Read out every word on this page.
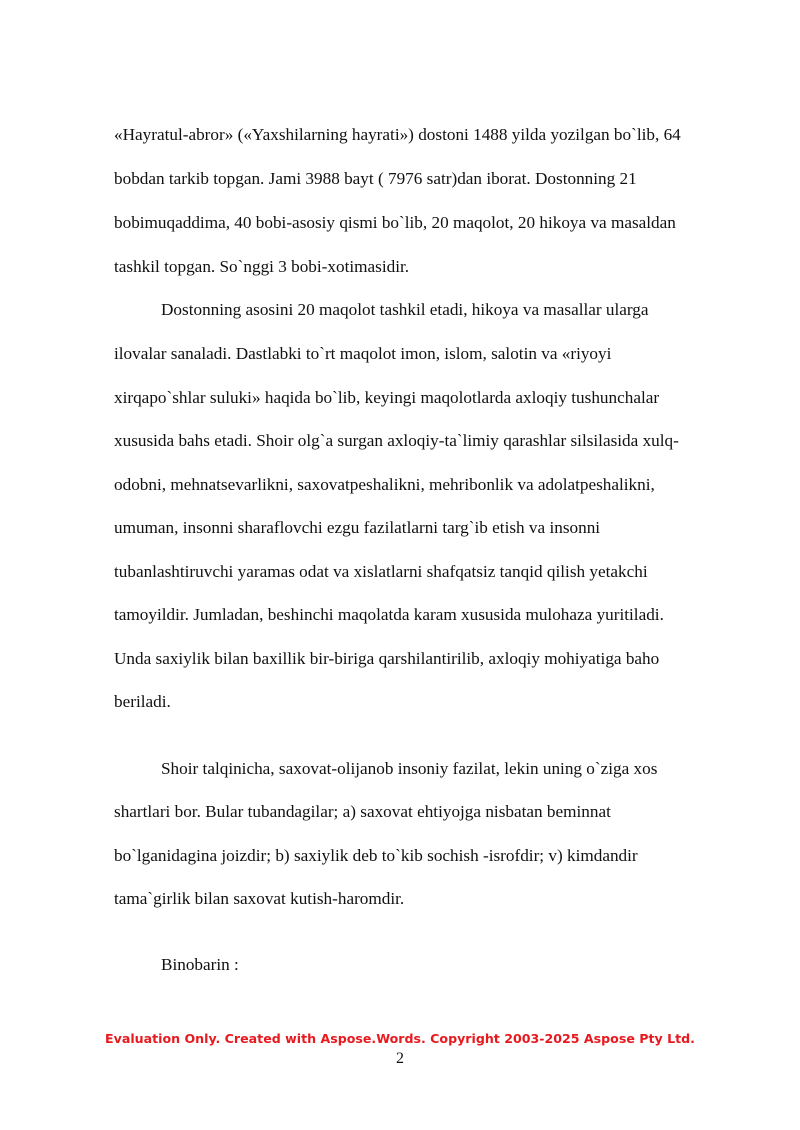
«Hayratul-abror» («Yaxshilarning hayrati») dostoni 1488 yilda yozilgan bo`lib, 64
bobdan tarkib topgan. Jami 3988 bayt ( 7976 satr)dan iborat. Dostonning 21
bobimuqaddima, 40 bobi-asosiy qismi bo`lib, 20 maqolot, 20 hikoya va masaldan
tashkil topgan. So`nggi 3 bobi-xotimasidir.
Dostonning asosini 20 maqolot tashkil etadi, hikoya va masallar ularga
ilovalar sanaladi. Dastlabki to`rt maqolot imon, islom, salotin va «riyoyi
xirqapo`shlar suluki» haqida bo`lib, keyingi maqolotlarda axloqiy tushunchalar
xususida bahs etadi. Shoir olg`a surgan axloqiy-ta`limiy qarashlar silsilasida xulq-
odobni, mehnatsevarlikni, saxovatpeshalikni, mehribonlik va adolatpeshalikni,
umuman, insonni sharaflovchi ezgu fazilatlarni targ`ib etish va insonni
tubanlashtiruvchi yaramas odat va xislatlarni shafqatsiz tanqid qilish yetakchi
tamoyildir. Jumladan, beshinchi maqolatda karam xususida mulohaza yuritiladi.
Unda saxiylik bilan baxillik bir-biriga qarshilantirilib, axloqiy mohiyatiga baho
beriladi.
Shoir talqinicha, saxovat-olijanob insoniy fazilat, lekin uning o`ziga xos
shartlari bor. Bular tubandagilar; a) saxovat ehtiyojga nisbatan beminnat
bo`lganidagina joizdir; b) saxiylik deb to`kib sochish -isrofdir; v) kimdandir
tama`girlik bilan saxovat kutish-haromdir.
Binobarin :
Evaluation Only. Created with Aspose.Words. Copyright 2003-2025 Aspose Pty Ltd.
2
